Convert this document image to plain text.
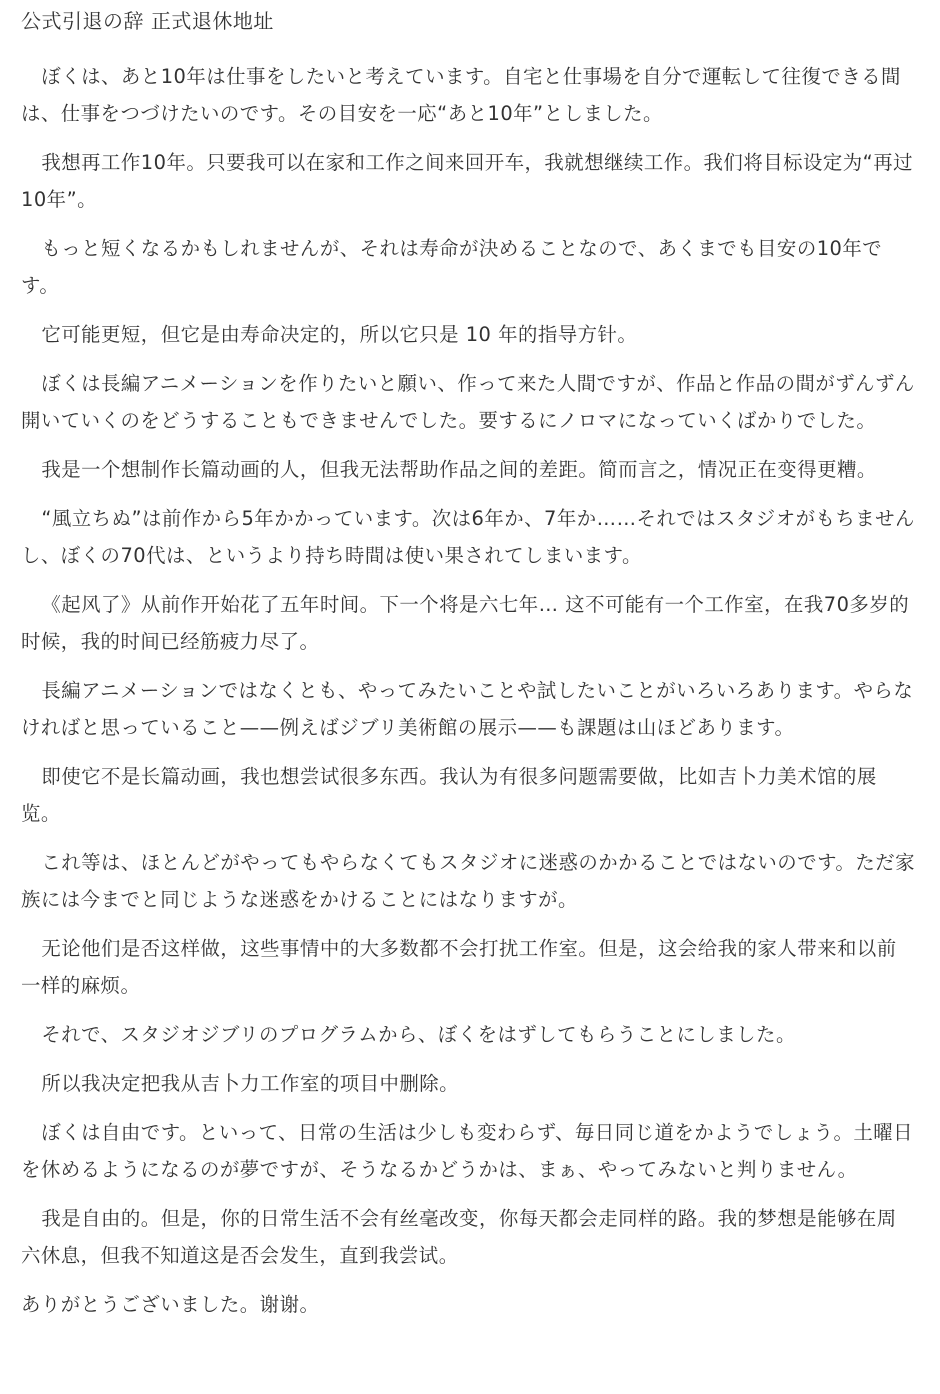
公式引退の辞 正式退休地址

ぼくは、あと10年は仕事をしたいと考えています。自宅と仕事場を自分で運転して往復できる間は、仕事をつづけたいのです。その目安を一応“あと10年”としました。

我想再工作10年。只要我可以在家和工作之间来回开车，我就想继续工作。我们将目标设定为“再过10年”。

もっと短くなるかもしれませんが、それは寿命が決めることなので、あくまでも目安の10年です。

它可能更短，但它是由寿命决定的，所以它只是 10 年的指导方针。

ぼくは長編アニメーションを作りたいと願い、作って来た人間ですが、作品と作品の間がずんずん開いていくのをどうすることもできませんでした。要するにノロマになっていくばかりでした。

我是一个想制作长篇动画的人，但我无法帮助作品之间的差距。简而言之，情况正在变得更糟。

“風立ちぬ”は前作から5年かかっています。次は6年か、7年か……それではスタジオがもちませんし、ぼくの70代は、というより持ち時間は使い果されてしまいます。

《起风了》从前作开始花了五年时间。下一个将是六七年… 这不可能有一个工作室，在我70多岁的时候，我的时间已经筋疲力尽了。

長編アニメーションではなくとも、やってみたいことや試したいことがいろいろあります。やらなければと思っていること——例えばジブリ美術館の展示——も課題は山ほどあります。

即使它不是长篇动画，我也想尝试很多东西。我认为有很多问题需要做，比如吉卜力美术馆的展览。

これ等は、ほとんどがやってもやらなくてもスタジオに迷惑のかかることではないのです。ただ家族には今までと同じような迷惑をかけることにはなりますが。

无论他们是否这样做，这些事情中的大多数都不会打扰工作室。但是，这会给我的家人带来和以前一样的麻烦。

それで、スタジオジブリのプログラムから、ぼくをはずしてもらうことにしました。

所以我决定把我从吉卜力工作室的项目中删除。

ぼくは自由です。といって、日常の生活は少しも変わらず、毎日同じ道をかようでしょう。土曜日を休めるようになるのが夢ですが、そうなるかどうかは、まぁ、やってみないと判りません。

我是自由的。但是，你的日常生活不会有丝毫改变，你每天都会走同样的路。我的梦想是能够在周六休息，但我不知道这是否会发生，直到我尝试。

ありがとうございました。谢谢。
